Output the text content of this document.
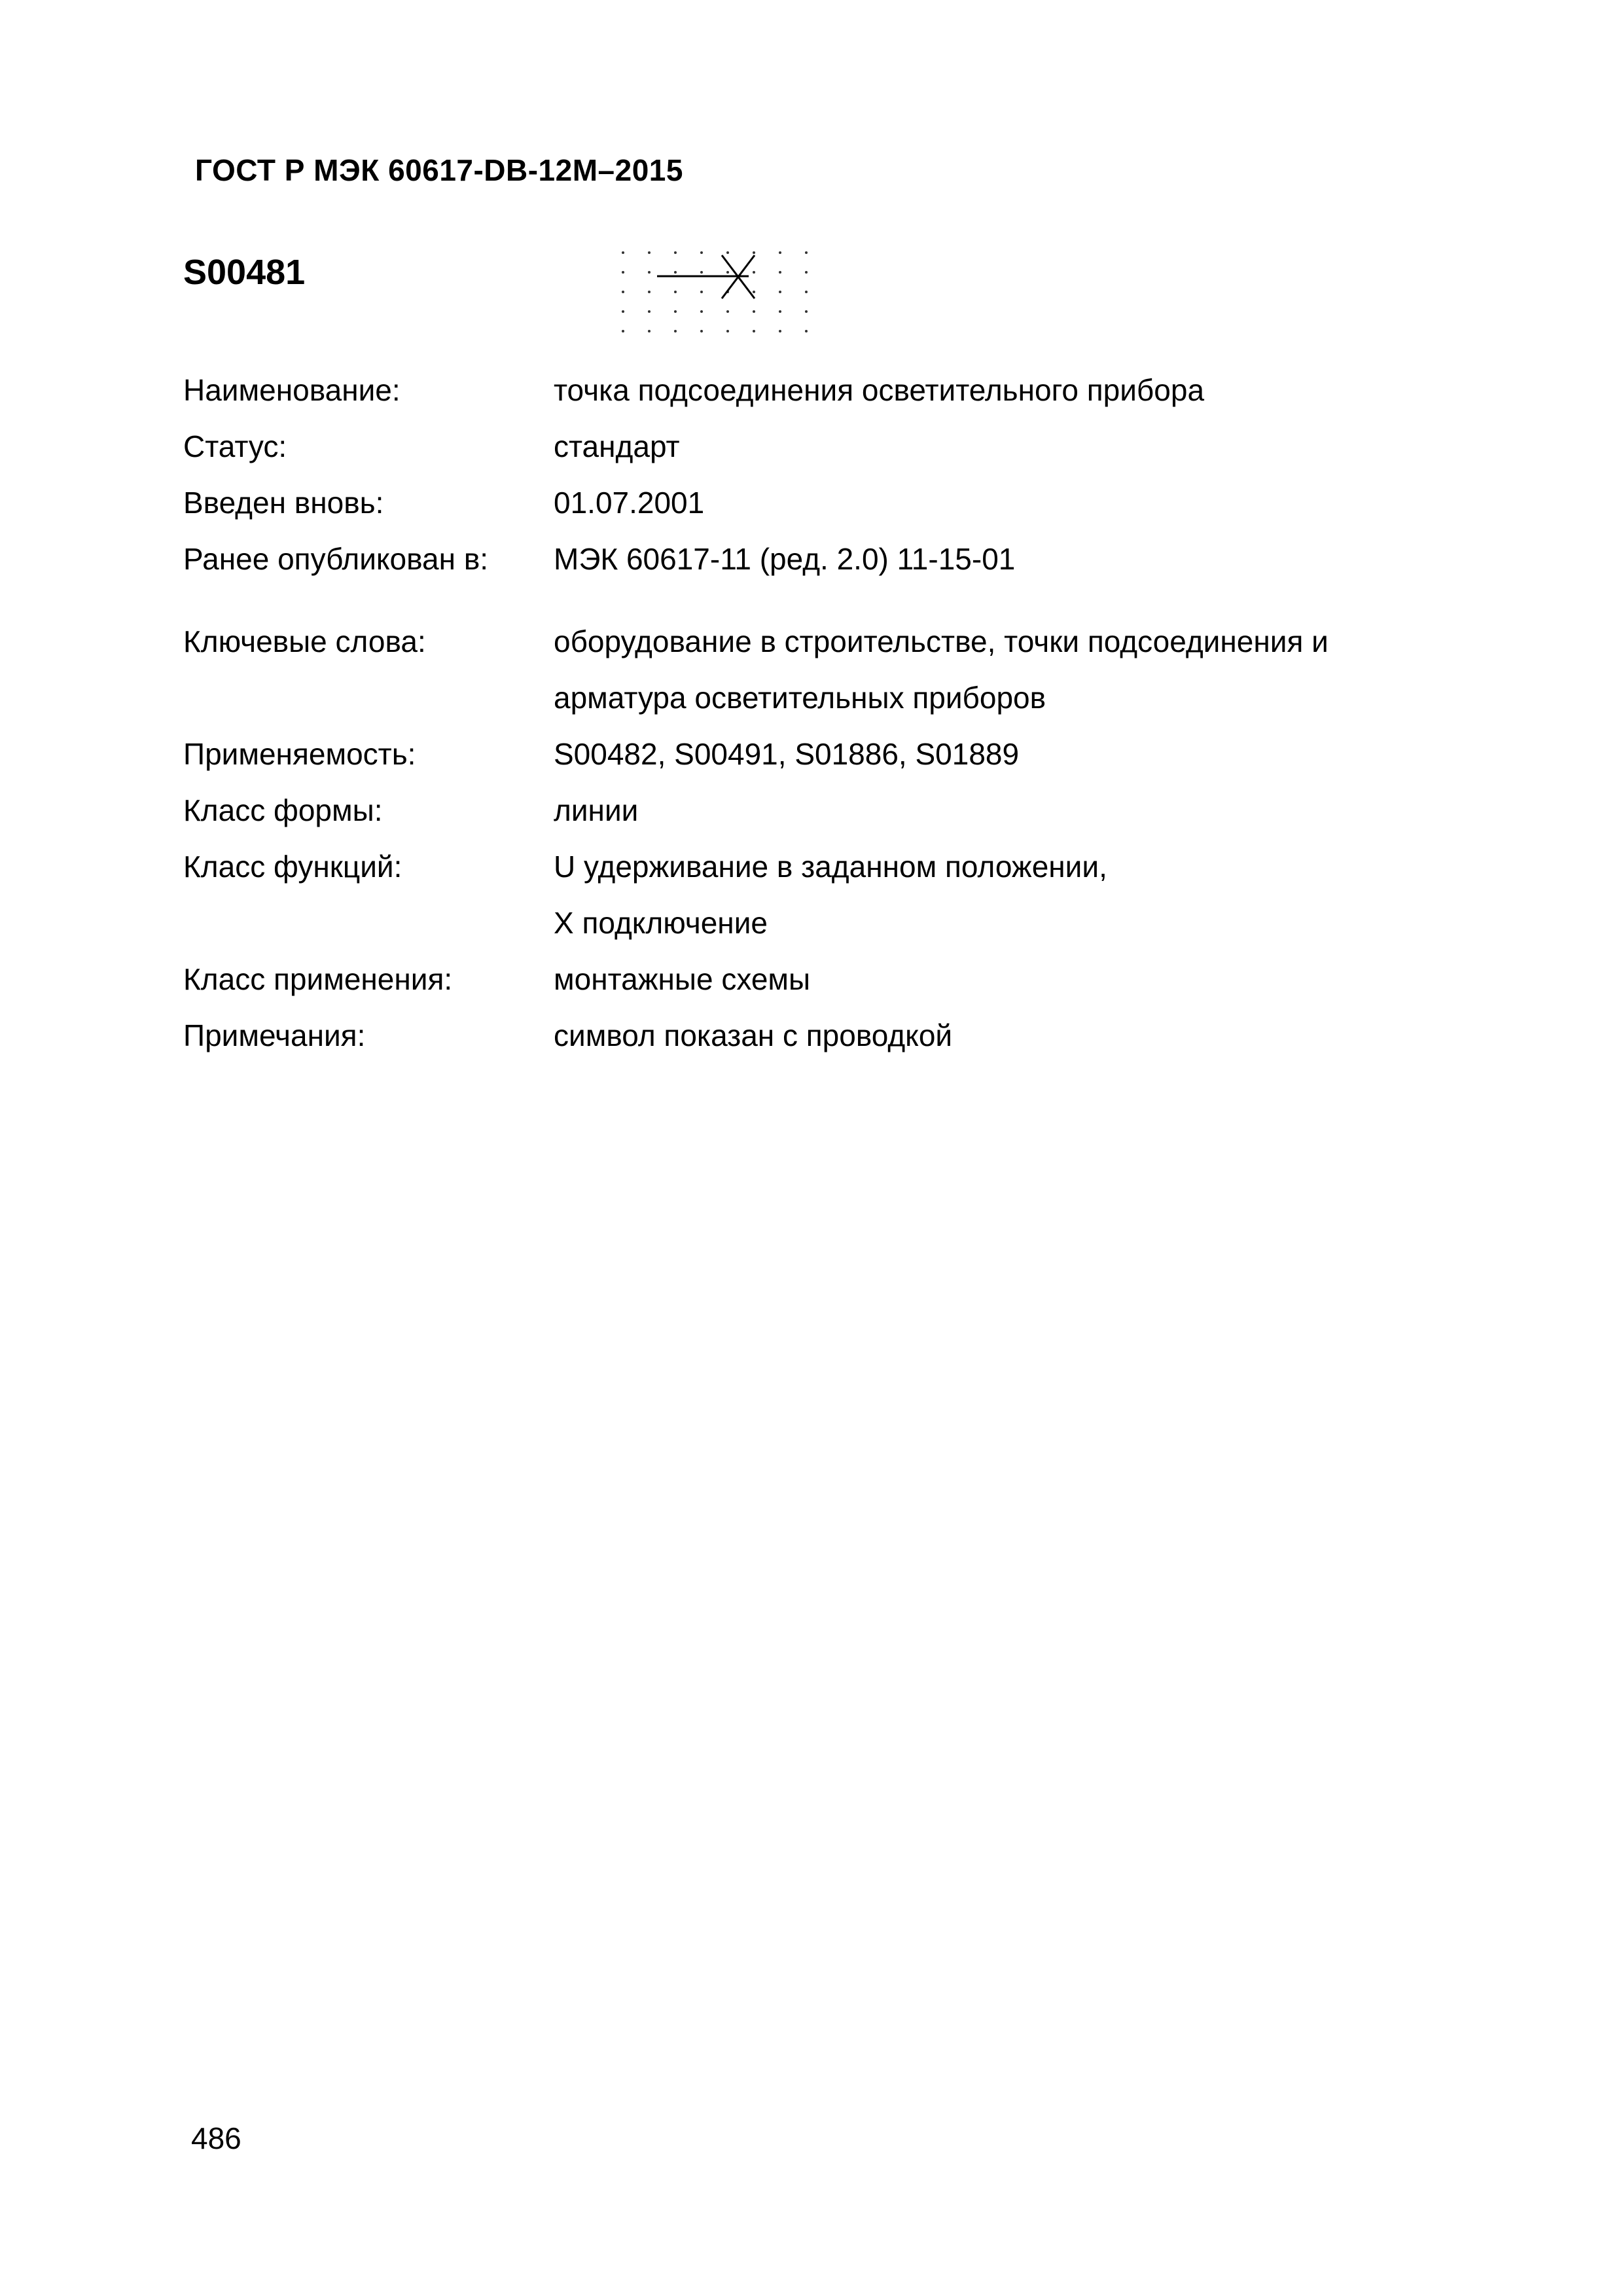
ГОСТ Р МЭК 60617-DB-12M–2015
S00481
Наименование:	точка подсоединения осветительного прибора
Статус:	стандарт
Введен вновь:	01.07.2001
Ранее опубликован в:	МЭК 60617-11 (ред. 2.0) 11-15-01
Ключевые слова:	оборудование в строительстве, точки подсоединения и
арматура осветительных приборов
Применяемость:	S00482, S00491, S01886, S01889
Класс формы:	линии
Класс функций:	U удерживание в заданном положении,
X подключение
Класс применения:	монтажные схемы
Примечания:	символ показан с проводкой
486
